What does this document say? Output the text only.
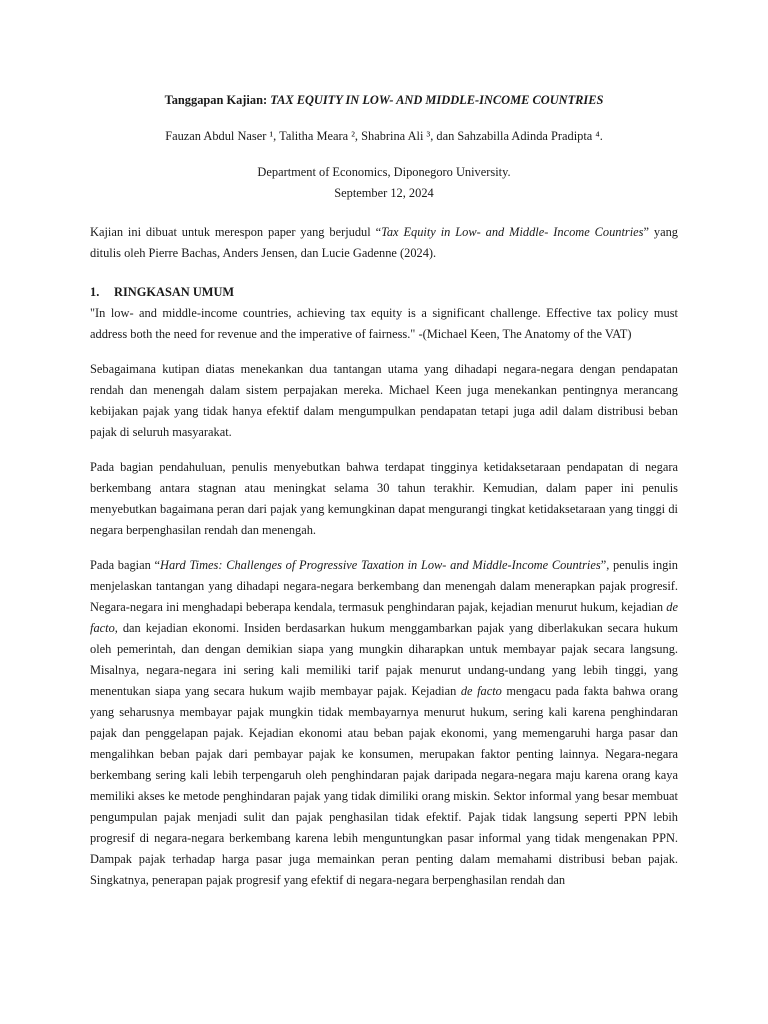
Tanggapan Kajian: TAX EQUITY IN LOW- AND MIDDLE-INCOME COUNTRIES

Fauzan Abdul Naser ¹, Talitha Meara ², Shabrina Ali ³, dan Sahzabilla Adinda Pradipta ⁴.

Department of Economics, Diponegoro University.

September 12, 2024

Kajian ini dibuat untuk merespon paper yang berjudul “Tax Equity in Low- and Middle- Income Countries” yang ditulis oleh Pierre Bachas, Anders Jensen, dan Lucie Gadenne (2024).

1.	RINGKASAN UMUM

"In low- and middle-income countries, achieving tax equity is a significant challenge. Effective tax policy must address both the need for revenue and the imperative of fairness." -(Michael Keen, The Anatomy of the VAT)

Sebagaimana kutipan diatas menekankan dua tantangan utama yang dihadapi negara-negara dengan pendapatan rendah dan menengah dalam sistem perpajakan mereka. Michael Keen juga menekankan pentingnya merancang kebijakan pajak yang tidak hanya efektif dalam mengumpulkan pendapatan tetapi juga adil dalam distribusi beban pajak di seluruh masyarakat.

Pada bagian pendahuluan, penulis menyebutkan bahwa terdapat tingginya ketidaksetaraan pendapatan di negara berkembang antara stagnan atau meningkat selama 30 tahun terakhir. Kemudian, dalam paper ini penulis menyebutkan bagaimana peran dari pajak yang kemungkinan dapat mengurangi tingkat ketidaksetaraan yang tinggi di negara berpenghasilan rendah dan menengah.

Pada bagian “Hard Times: Challenges of Progressive Taxation in Low- and Middle-Income Countries”, penulis ingin menjelaskan tantangan yang dihadapi negara-negara berkembang dan menengah dalam menerapkan pajak progresif. Negara-negara ini menghadapi beberapa kendala, termasuk penghindaran pajak, kejadian menurut hukum, kejadian de facto, dan kejadian ekonomi. Insiden berdasarkan hukum menggambarkan pajak yang diberlakukan secara hukum oleh pemerintah, dan dengan demikian siapa yang mungkin diharapkan untuk membayar pajak secara langsung. Misalnya, negara-negara ini sering kali memiliki tarif pajak menurut undang-undang yang lebih tinggi, yang menentukan siapa yang secara hukum wajib membayar pajak. Kejadian de facto mengacu pada fakta bahwa orang yang seharusnya membayar pajak mungkin tidak membayarnya menurut hukum, sering kali karena penghindaran pajak dan penggelapan pajak. Kejadian ekonomi atau beban pajak ekonomi, yang memengaruhi harga pasar dan mengalihkan beban pajak dari pembayar pajak ke konsumen, merupakan faktor penting lainnya. Negara-negara berkembang sering kali lebih terpengaruh oleh penghindaran pajak daripada negara-negara maju karena orang kaya memiliki akses ke metode penghindaran pajak yang tidak dimiliki orang miskin. Sektor informal yang besar membuat pengumpulan pajak menjadi sulit dan pajak penghasilan tidak efektif. Pajak tidak langsung seperti PPN lebih progresif di negara-negara berkembang karena lebih menguntungkan pasar informal yang tidak mengenakan PPN. Dampak pajak terhadap harga pasar juga memainkan peran penting dalam memahami distribusi beban pajak. Singkatnya, penerapan pajak progresif yang efektif di negara-negara berpenghasilan rendah dan
